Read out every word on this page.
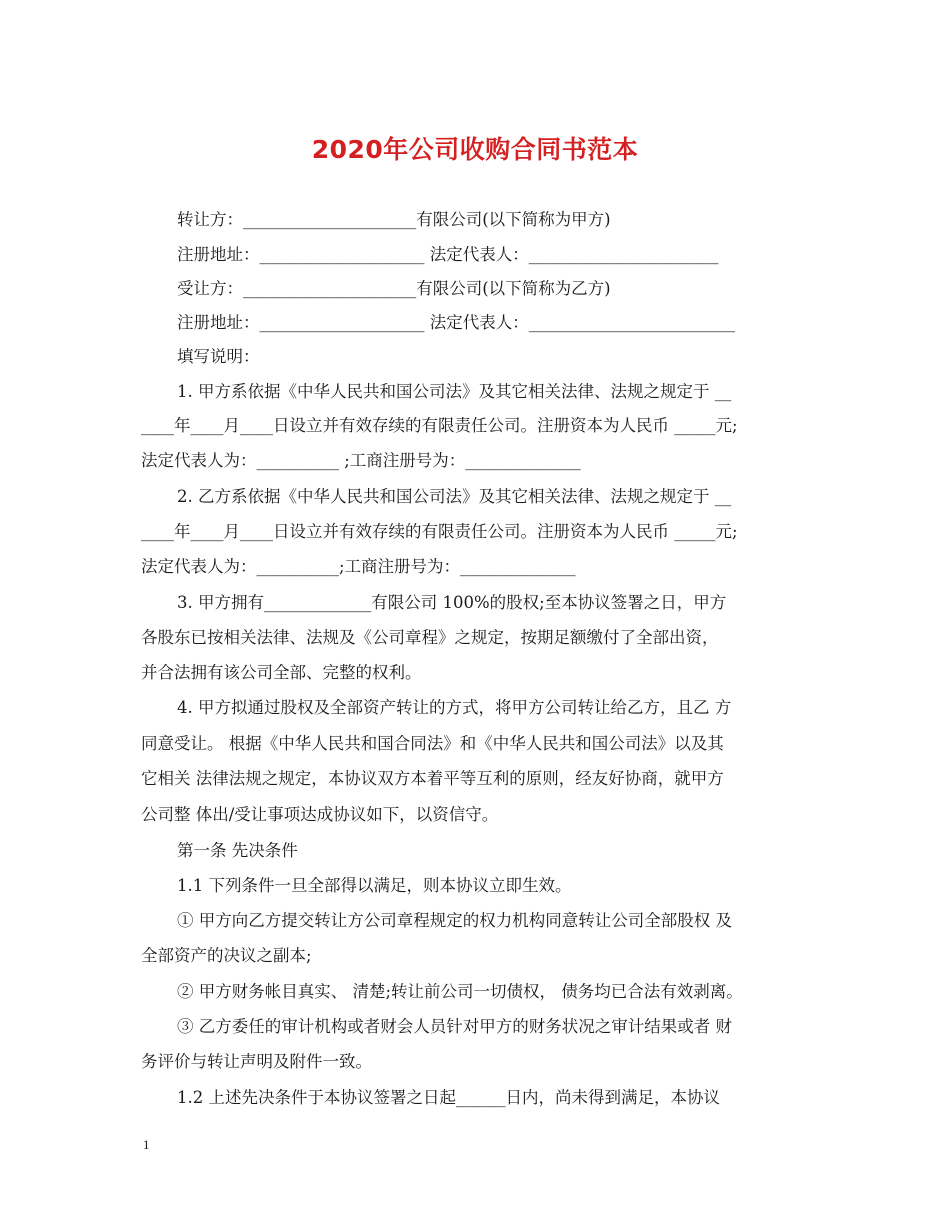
2020年公司收购合同书范本
转让方：_____________________有限公司(以下简称为甲方)
注册地址：____________________ 法定代表人：_______________________
受让方：_____________________有限公司(以下简称为乙方)
注册地址：____________________ 法定代表人：_________________________
填写说明：
1. 甲方系依据《中华人民共和国公司法》及其它相关法律、法规之规定于 __
____年____月____日设立并有效存续的有限责任公司。注册资本为人民币 _____元;
法定代表人为：__________ ;工商注册号为：______________
2. 乙方系依据《中华人民共和国公司法》及其它相关法律、法规之规定于 __
____年____月____日设立并有效存续的有限责任公司。注册资本为人民币 _____元;
法定代表人为：__________;工商注册号为：______________
3. 甲方拥有_____________有限公司 100%的股权;至本协议签署之日，甲方
各股东已按相关法律、法规及《公司章程》之规定，按期足额缴付了全部出资，
并合法拥有该公司全部、完整的权利。
4. 甲方拟通过股权及全部资产转让的方式，将甲方公司转让给乙方，且乙 方
同意受让。 根据《中华人民共和国合同法》和《中华人民共和国公司法》以及其
它相关 法律法规之规定，本协议双方本着平等互利的原则，经友好协商，就甲方
公司整 体出/受让事项达成协议如下，以资信守。
第一条 先决条件
1.1 下列条件一旦全部得以满足，则本协议立即生效。
① 甲方向乙方提交转让方公司章程规定的权力机构同意转让公司全部股权 及
全部资产的决议之副本;
② 甲方财务帐目真实、 清楚;转让前公司一切债权， 债务均已合法有效剥离。
③ 乙方委任的审计机构或者财会人员针对甲方的财务状况之审计结果或者 财
务评价与转让声明及附件一致。
1.2 上述先决条件于本协议签署之日起______日内，尚未得到满足，本协议
1
